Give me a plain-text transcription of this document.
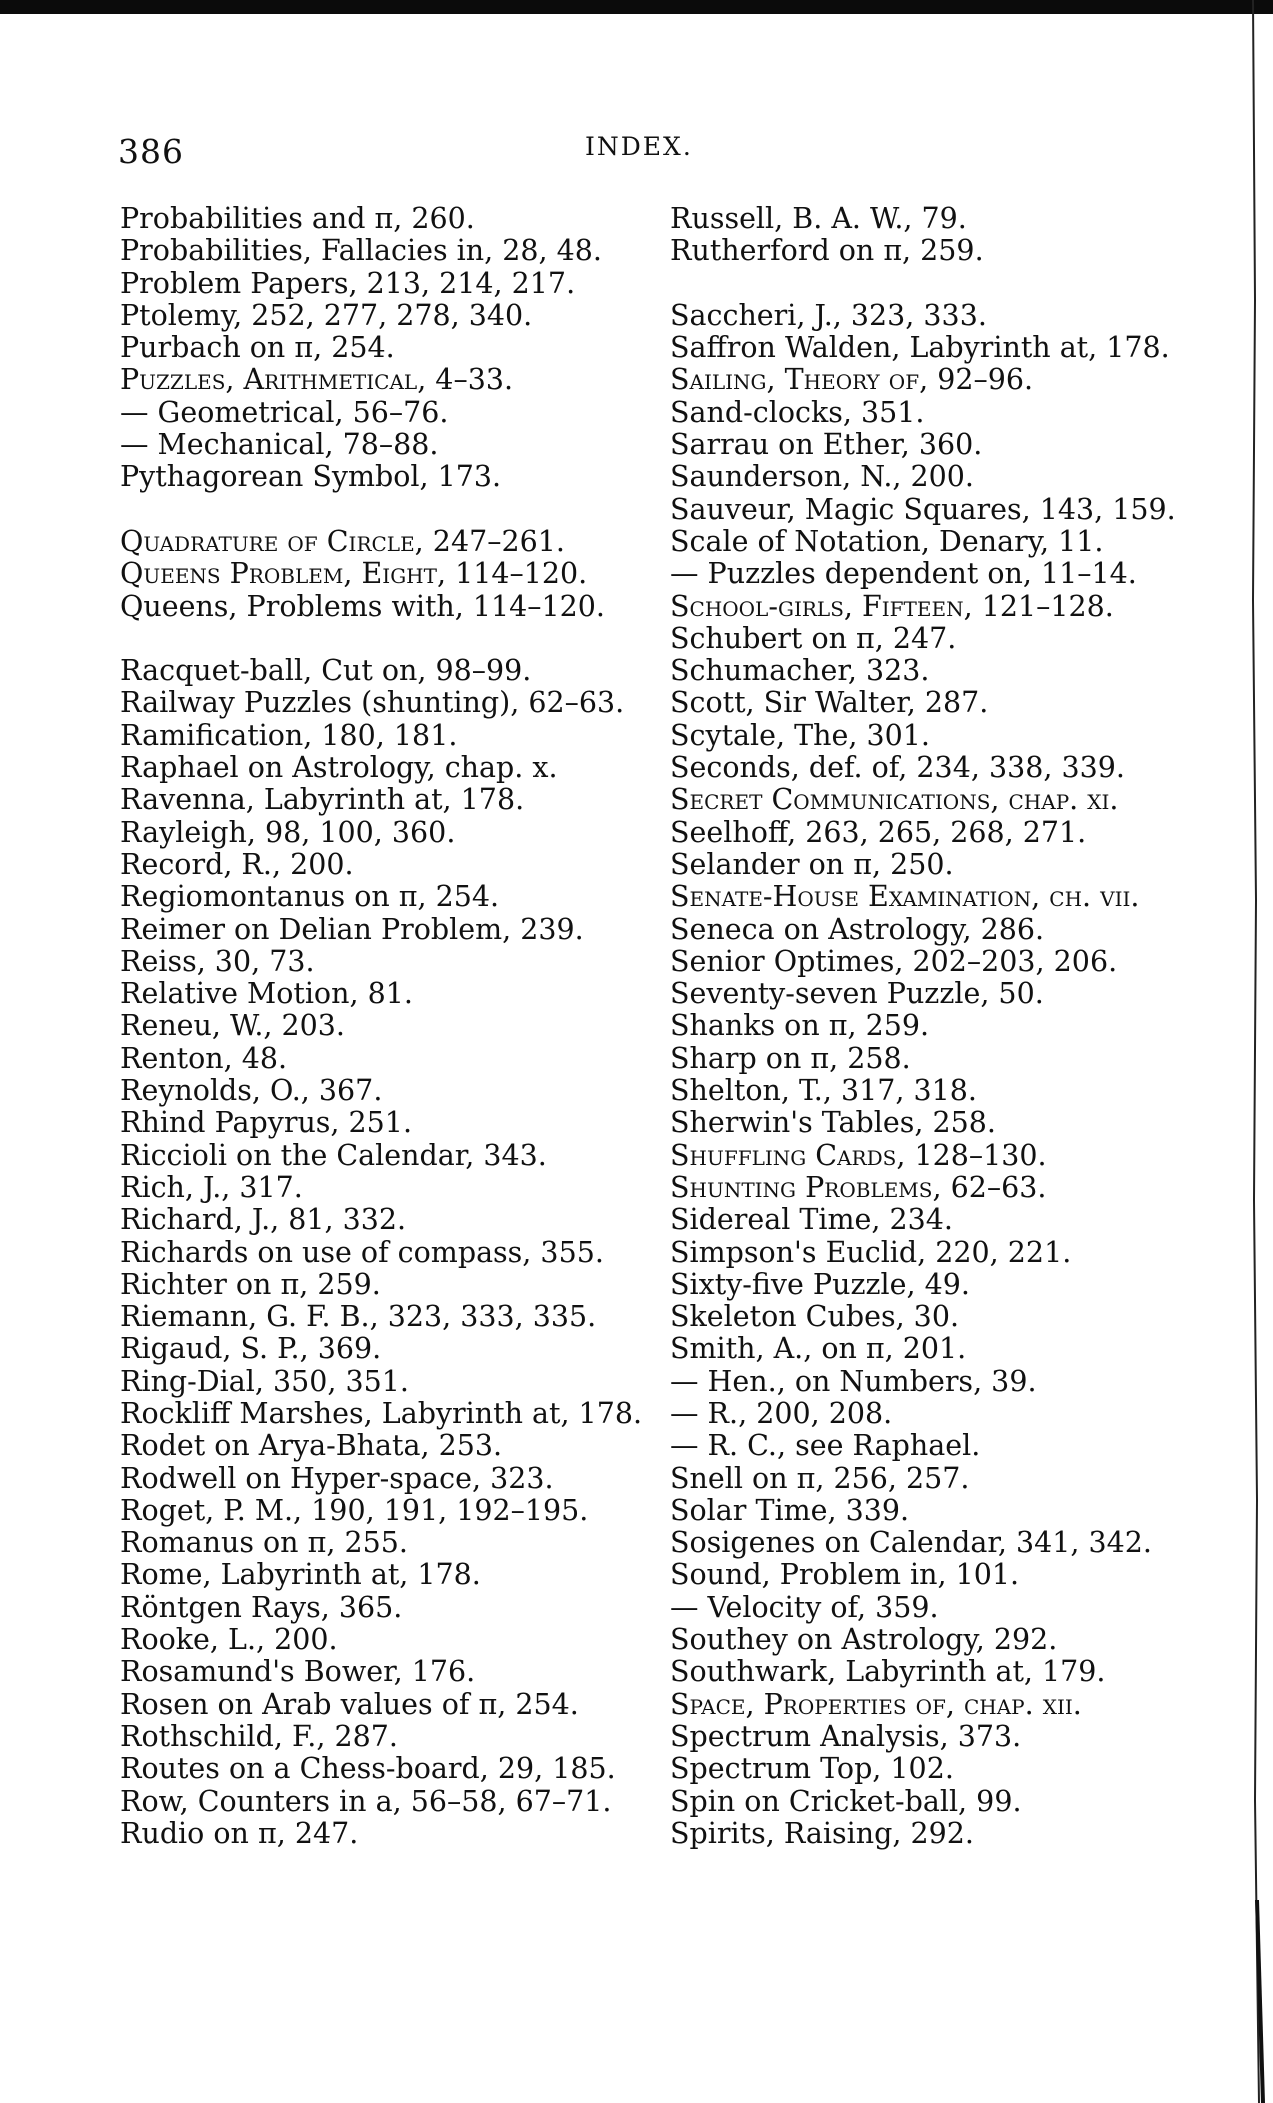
386	INDEX.
Probabilities and π, 260.
Probabilities, Fallacies in, 28, 48.
Problem Papers, 213, 214, 217.
Ptolemy, 252, 277, 278, 340.
Purbach on π, 254.
Puzzles, Arithmetical, 4–33.
— Geometrical, 56–76.
— Mechanical, 78–88.
Pythagorean Symbol, 173.
Quadrature of Circle, 247–261.
Queens Problem, Eight, 114–120.
Queens, Problems with, 114–120.
Racquet-ball, Cut on, 98–99.
Railway Puzzles (shunting), 62–63.
Ramification, 180, 181.
Raphael on Astrology, chap. x.
Ravenna, Labyrinth at, 178.
Rayleigh, 98, 100, 360.
Record, R., 200.
Regiomontanus on π, 254.
Reimer on Delian Problem, 239.
Reiss, 30, 73.
Relative Motion, 81.
Reneu, W., 203.
Renton, 48.
Reynolds, O., 367.
Rhind Papyrus, 251.
Riccioli on the Calendar, 343.
Rich, J., 317.
Richard, J., 81, 332.
Richards on use of compass, 355.
Richter on π, 259.
Riemann, G. F. B., 323, 333, 335.
Rigaud, S. P., 369.
Ring-Dial, 350, 351.
Rockliff Marshes, Labyrinth at, 178.
Rodet on Arya-Bhata, 253.
Rodwell on Hyper-space, 323.
Roget, P. M., 190, 191, 192–195.
Romanus on π, 255.
Rome, Labyrinth at, 178.
Röntgen Rays, 365.
Rooke, L., 200.
Rosamund's Bower, 176.
Rosen on Arab values of π, 254.
Rothschild, F., 287.
Routes on a Chess-board, 29, 185.
Row, Counters in a, 56–58, 67–71.
Rudio on π, 247.
Russell, B. A. W., 79.
Rutherford on π, 259.
Saccheri, J., 323, 333.
Saffron Walden, Labyrinth at, 178.
Sailing, Theory of, 92–96.
Sand-clocks, 351.
Sarrau on Ether, 360.
Saunderson, N., 200.
Sauveur, Magic Squares, 143, 159.
Scale of Notation, Denary, 11.
— Puzzles dependent on, 11–14.
School-girls, Fifteen, 121–128.
Schubert on π, 247.
Schumacher, 323.
Scott, Sir Walter, 287.
Scytale, The, 301.
Seconds, def. of, 234, 338, 339.
Secret Communications, chap. xi.
Seelhoff, 263, 265, 268, 271.
Selander on π, 250.
Senate-House Examination, ch. vii.
Seneca on Astrology, 286.
Senior Optimes, 202–203, 206.
Seventy-seven Puzzle, 50.
Shanks on π, 259.
Sharp on π, 258.
Shelton, T., 317, 318.
Sherwin's Tables, 258.
Shuffling Cards, 128–130.
Shunting Problems, 62–63.
Sidereal Time, 234.
Simpson's Euclid, 220, 221.
Sixty-five Puzzle, 49.
Skeleton Cubes, 30.
Smith, A., on π, 201.
— Hen., on Numbers, 39.
— R., 200, 208.
— R. C., see Raphael.
Snell on π, 256, 257.
Solar Time, 339.
Sosigenes on Calendar, 341, 342.
Sound, Problem in, 101.
— Velocity of, 359.
Southey on Astrology, 292.
Southwark, Labyrinth at, 179.
Space, Properties of, chap. xii.
Spectrum Analysis, 373.
Spectrum Top, 102.
Spin on Cricket-ball, 99.
Spirits, Raising, 292.
